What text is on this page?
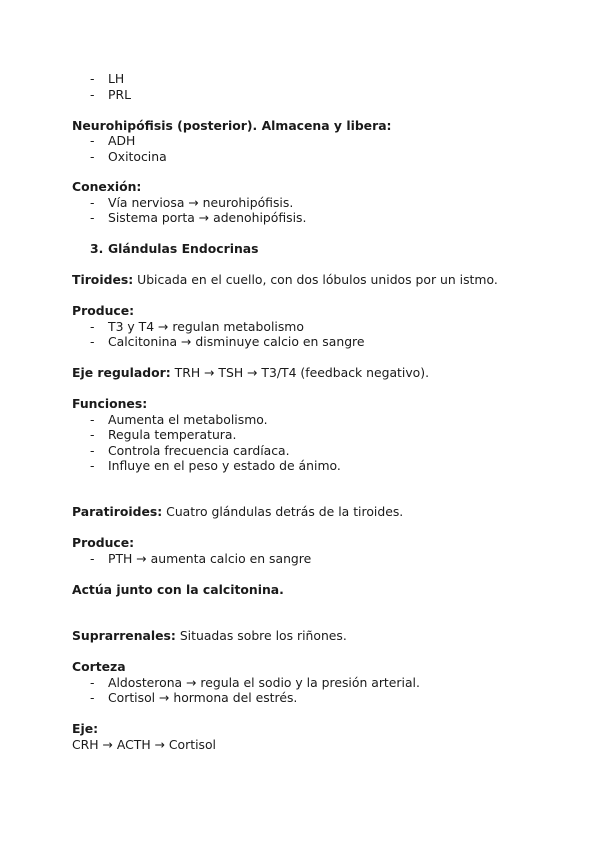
- LH
- PRL
Neurohipófisis (posterior). Almacena y libera:
- ADH
- Oxitocina
Conexión:
- Vía nerviosa → neurohipófisis.
- Sistema porta → adenohipófisis.
3. Glándulas Endocrinas
Tiroides: Ubicada en el cuello, con dos lóbulos unidos por un istmo.
Produce:
- T3 y T4 → regulan metabolismo
- Calcitonina → disminuye calcio en sangre
Eje regulador: TRH → TSH → T3/T4 (feedback negativo).
Funciones:
- Aumenta el metabolismo.
- Regula temperatura.
- Controla frecuencia cardíaca.
- Influye en el peso y estado de ánimo.
Paratiroides: Cuatro glándulas detrás de la tiroides.
Produce:
- PTH → aumenta calcio en sangre
Actúa junto con la calcitonina.
Suprarrenales: Situadas sobre los riñones.
Corteza
- Aldosterona → regula el sodio y la presión arterial.
- Cortisol → hormona del estrés.
Eje:
CRH → ACTH → Cortisol
